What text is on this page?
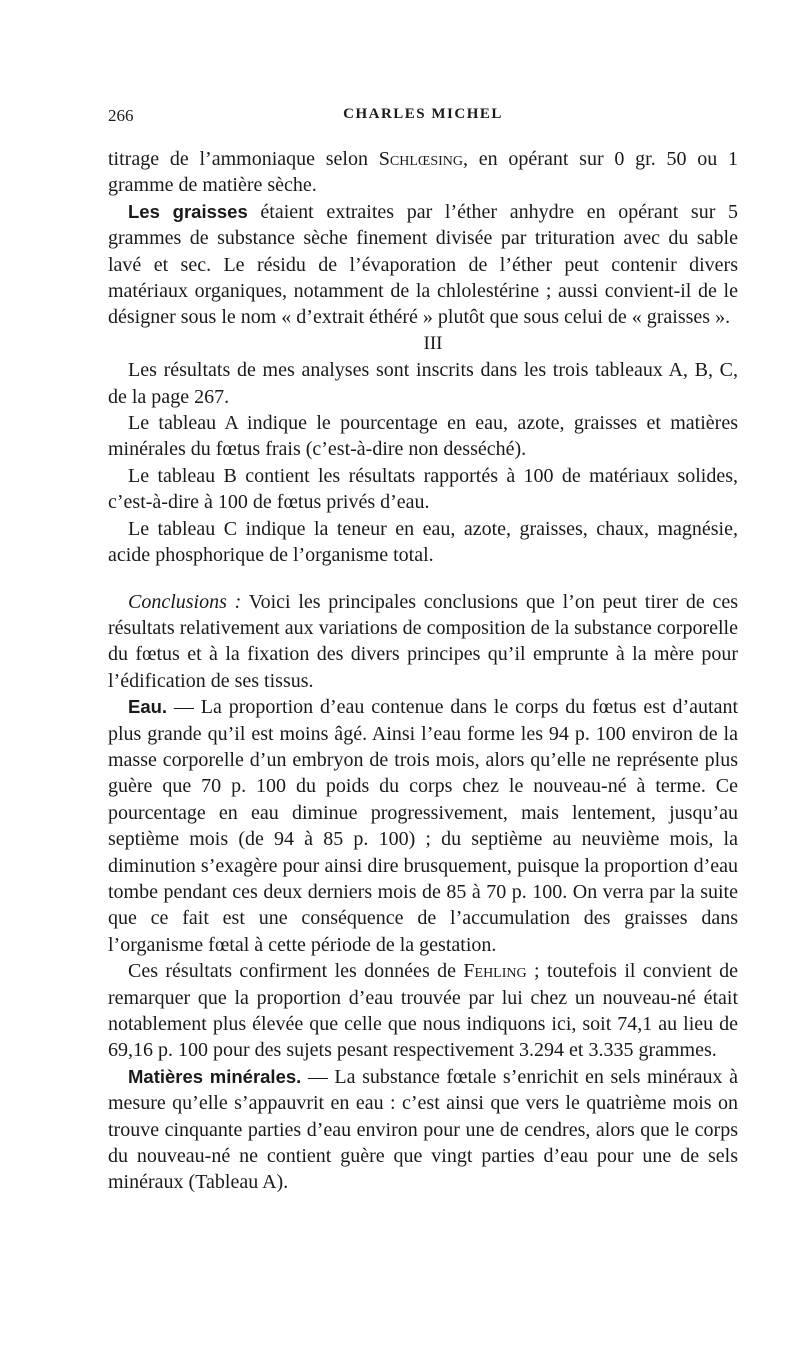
266	CHARLES MICHEL

titrage de l’ammoniaque selon Schlœsing, en opérant sur 0 gr. 50 ou 1 gramme de matière sèche.

Les graisses étaient extraites par l’éther anhydre en opérant sur 5 grammes de substance sèche finement divisée par trituration avec du sable lavé et sec. Le résidu de l’évaporation de l’éther peut contenir divers matériaux organiques, notamment de la chlolestérine ; aussi convient-il de le désigner sous le nom « d’extrait éthéré » plutôt que sous celui de « graisses ».

III

Les résultats de mes analyses sont inscrits dans les trois tableaux A, B, C, de la page 267.

Le tableau A indique le pourcentage en eau, azote, graisses et matières minérales du fœtus frais (c’est-à-dire non desséché).

Le tableau B contient les résultats rapportés à 100 de matériaux solides, c’est-à-dire à 100 de fœtus privés d’eau.

Le tableau C indique la teneur en eau, azote, graisses, chaux, magnésie, acide phosphorique de l’organisme total.

Conclusions : Voici les principales conclusions que l’on peut tirer de ces résultats relativement aux variations de composition de la substance corporelle du fœtus et à la fixation des divers principes qu’il emprunte à la mère pour l’édification de ses tissus.

Eau. — La proportion d’eau contenue dans le corps du fœtus est d’autant plus grande qu’il est moins âgé. Ainsi l’eau forme les 94 p. 100 environ de la masse corporelle d’un embryon de trois mois, alors qu’elle ne représente plus guère que 70 p. 100 du poids du corps chez le nouveau-né à terme. Ce pourcentage en eau diminue progressivement, mais lentement, jusqu’au septième mois (de 94 à 85 p. 100) ; du septième au neuvième mois, la diminution s’exagère pour ainsi dire brusquement, puisque la proportion d’eau tombe pendant ces deux derniers mois de 85 à 70 p. 100. On verra par la suite que ce fait est une conséquence de l’accumulation des graisses dans l’organisme fœtal à cette période de la gestation.

Ces résultats confirment les données de Fehling ; toutefois il convient de remarquer que la proportion d’eau trouvée par lui chez un nouveau-né était notablement plus élevée que celle que nous indiquons ici, soit 74,1 au lieu de 69,16 p. 100 pour des sujets pesant respectivement 3.294 et 3.335 grammes.

Matières minérales. — La substance fœtale s’enrichit en sels minéraux à mesure qu’elle s’appauvrit en eau : c’est ainsi que vers le quatrième mois on trouve cinquante parties d’eau environ pour une de cendres, alors que le corps du nouveau-né ne contient guère que vingt parties d’eau pour une de sels minéraux (Tableau A).
